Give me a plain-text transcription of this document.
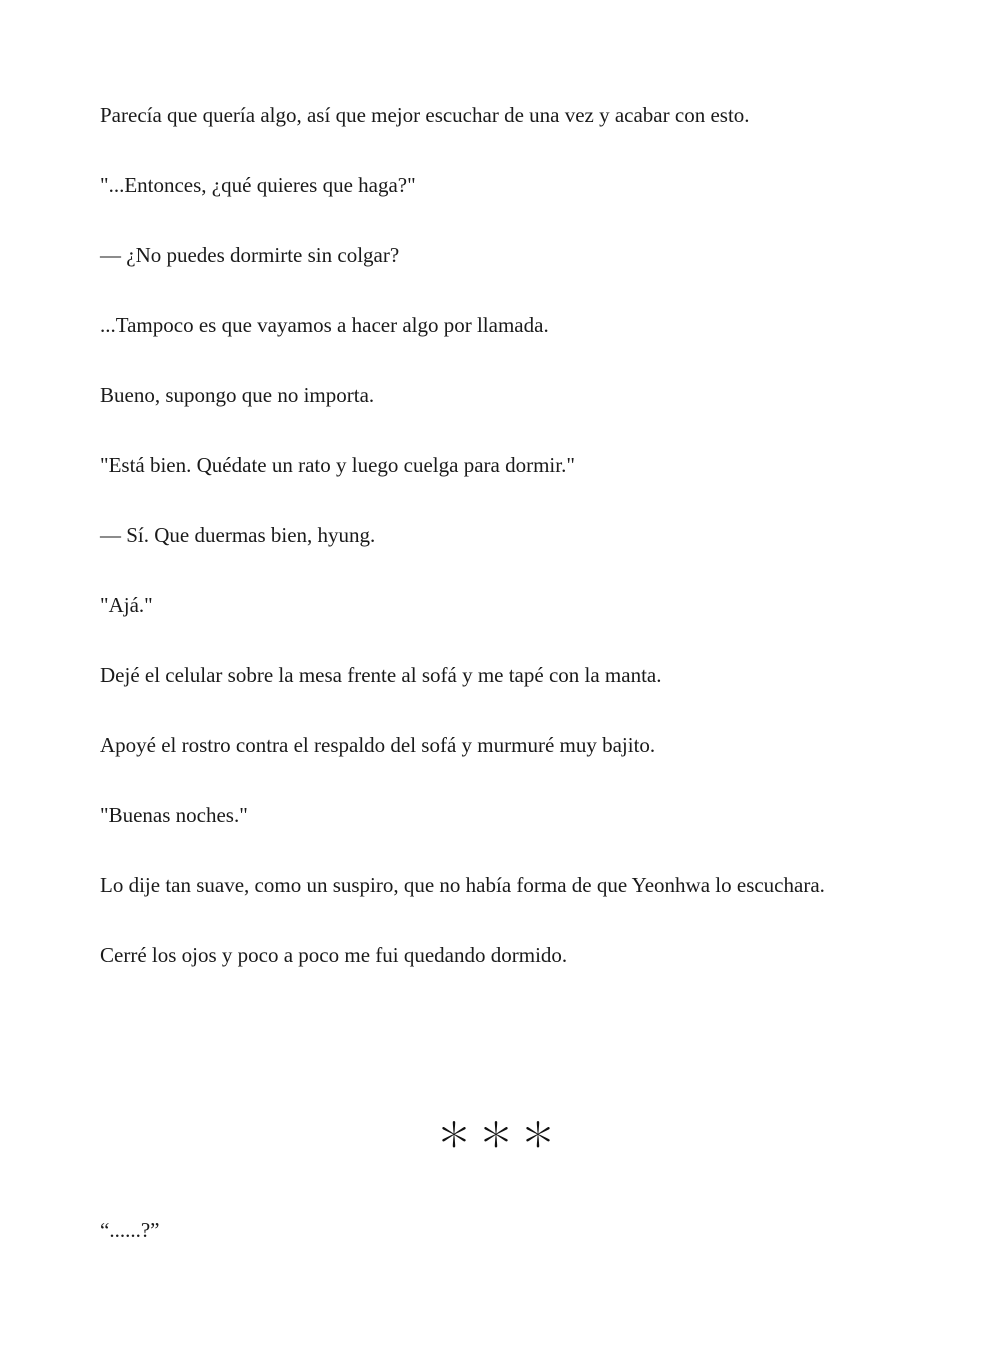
Parecía que quería algo, así que mejor escuchar de una vez y acabar con esto.

"...Entonces, ¿qué quieres que haga?"

— ¿No puedes dormirte sin colgar?

...Tampoco es que vayamos a hacer algo por llamada.

Bueno, supongo que no importa.

"Está bien. Quédate un rato y luego cuelga para dormir."

— Sí. Que duermas bien, hyung.

"Ajá."

Dejé el celular sobre la mesa frente al sofá y me tapé con la manta.

Apoyé el rostro contra el respaldo del sofá y murmuré muy bajito.

"Buenas noches."

Lo dije tan suave, como un suspiro, que no había forma de que Yeonhwa lo escuchara.

Cerré los ojos y poco a poco me fui quedando dormido.

＊＊＊
“......?”
